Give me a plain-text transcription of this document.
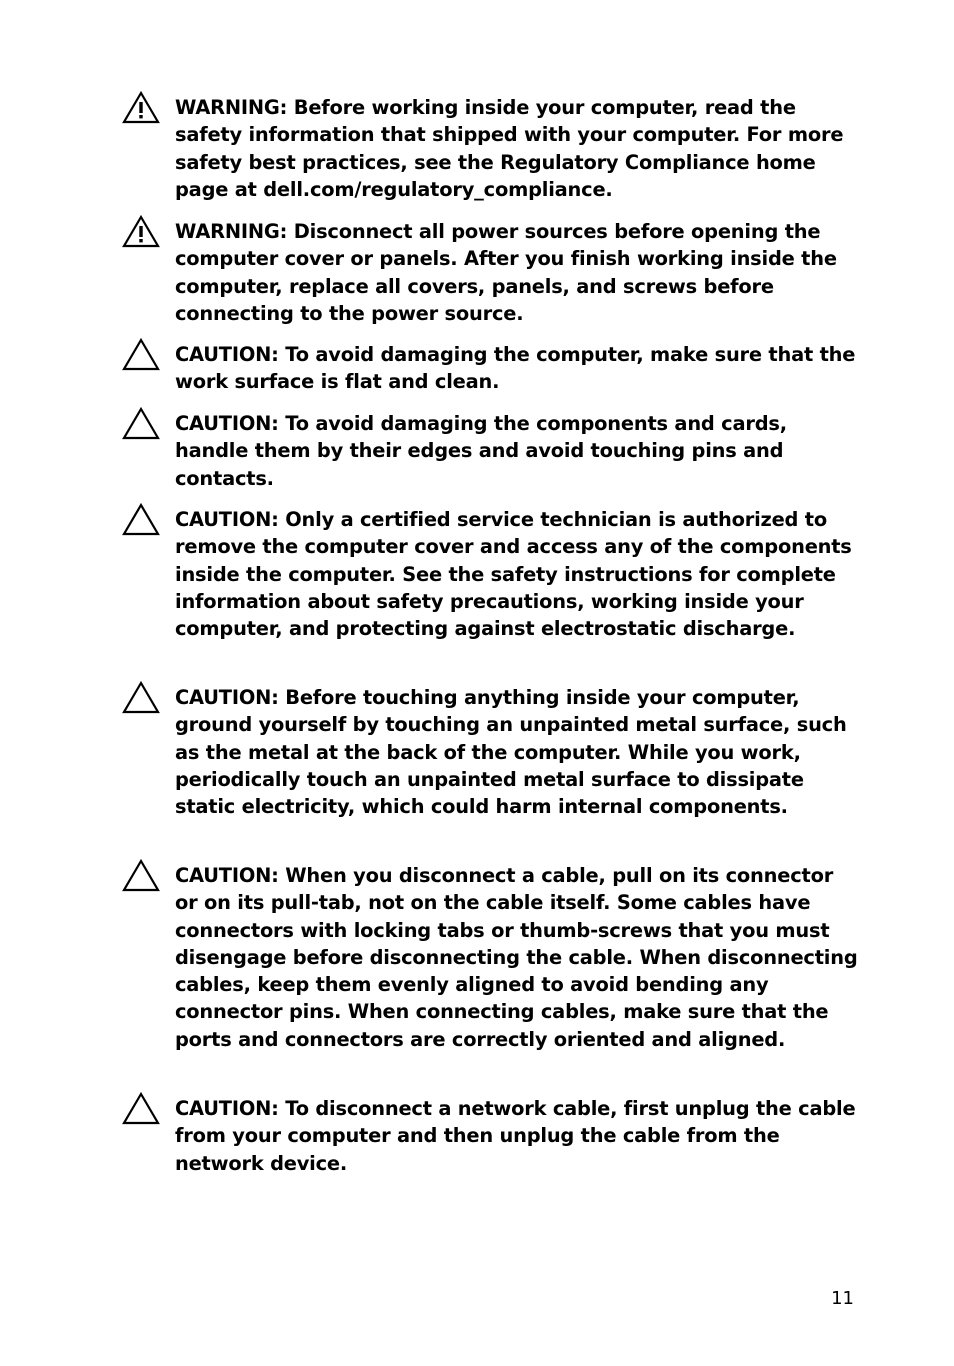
WARNING: Before working inside your computer, read the safety information that shipped with your computer. For more safety best practices, see the Regulatory Compliance home page at dell.com/regulatory_compliance.
WARNING: Disconnect all power sources before opening the computer cover or panels. After you finish working inside the computer, replace all covers, panels, and screws before connecting to the power source.
CAUTION: To avoid damaging the computer, make sure that the work surface is flat and clean.
CAUTION: To avoid damaging the components and cards, handle them by their edges and avoid touching pins and contacts.
CAUTION: Only a certified service technician is authorized to remove the computer cover and access any of the components inside the computer. See the safety instructions for complete information about safety precautions, working inside your computer, and protecting against electrostatic discharge.
CAUTION: Before touching anything inside your computer, ground yourself by touching an unpainted metal surface, such as the metal at the back of the computer. While you work, periodically touch an unpainted metal surface to dissipate static electricity, which could harm internal components.
CAUTION: When you disconnect a cable, pull on its connector or on its pull-tab, not on the cable itself. Some cables have connectors with locking tabs or thumb-screws that you must disengage before disconnecting the cable. When disconnecting cables, keep them evenly aligned to avoid bending any connector pins. When connecting cables, make sure that the ports and connectors are correctly oriented and aligned.
CAUTION: To disconnect a network cable, first unplug the cable from your computer and then unplug the cable from the network device.
11
